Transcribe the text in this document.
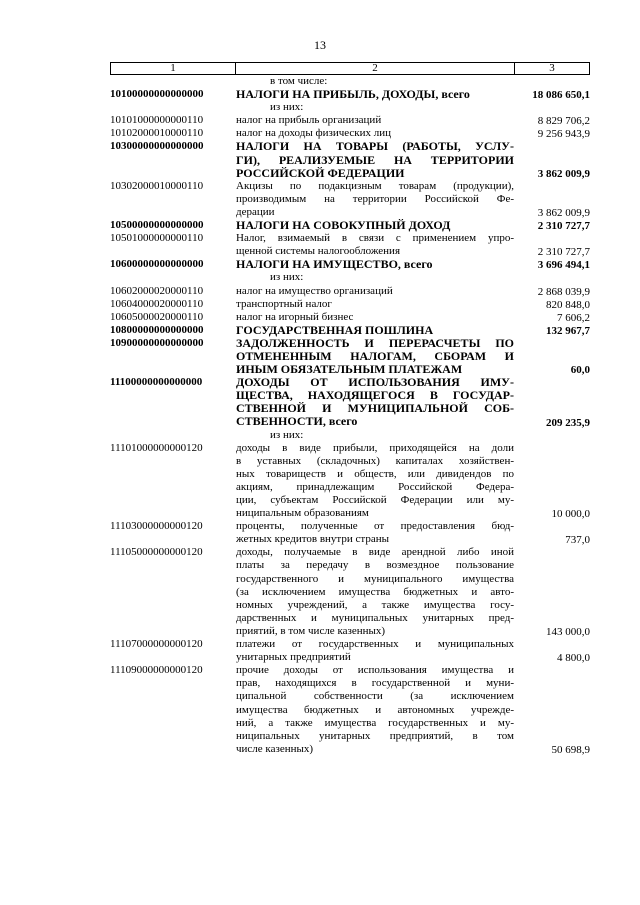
13
1	2	3
в том числе:
10100000000000000	НАЛОГИ НА ПРИБЫЛЬ, ДОХОДЫ, всего	18 086 650,1
из них:
10101000000000110	налог на прибыль организаций	8 829 706,2
10102000010000110	налог на доходы физических лиц	9 256 943,9
10300000000000000	НАЛОГИ НА ТОВАРЫ (РАБОТЫ, УСЛУ-
ГИ), РЕАЛИЗУЕМЫЕ НА ТЕРРИТОРИИ
РОССИЙСКОЙ ФЕДЕРАЦИИ	3 862 009,9
10302000010000110	Акцизы по подакцизным товарам (продукции),
производимым на территории Российской Фе-
дерации	3 862 009,9
10500000000000000	НАЛОГИ НА СОВОКУПНЫЙ ДОХОД	2 310 727,7
10501000000000110	Налог, взимаемый в связи с применением упро-
щенной системы налогообложения	2 310 727,7
10600000000000000	НАЛОГИ НА ИМУЩЕСТВО, всего	3 696 494,1
из них:
10602000020000110	налог на имущество организаций	2 868 039,9
10604000020000110	транспортный налог	820 848,0
10605000020000110	налог на игорный бизнес	7 606,2
10800000000000000	ГОСУДАРСТВЕННАЯ ПОШЛИНА	132 967,7
10900000000000000	ЗАДОЛЖЕННОСТЬ И ПЕРЕРАСЧЕТЫ ПО
ОТМЕНЕННЫМ НАЛОГАМ, СБОРАМ И
ИНЫМ ОБЯЗАТЕЛЬНЫМ ПЛАТЕЖАМ	60,0
11100000000000000	ДОХОДЫ ОТ ИСПОЛЬЗОВАНИЯ ИМУ-
ЩЕСТВА, НАХОДЯЩЕГОСЯ В ГОСУДАР-
СТВЕННОЙ И МУНИЦИПАЛЬНОЙ СОБ-
СТВЕННОСТИ, всего	209 235,9
из них:
11101000000000120	доходы в виде прибыли, приходящейся на доли
в уставных (складочных) капиталах хозяйствен-
ных товариществ и обществ, или дивидендов по
акциям, принадлежащим Российской Федера-
ции, субъектам Российской Федерации или му-
ниципальным образованиям	10 000,0
11103000000000120	проценты, полученные от предоставления бюд-
жетных кредитов внутри страны	737,0
11105000000000120	доходы, получаемые в виде арендной либо иной
платы за передачу в возмездное пользование
государственного и муниципального имущества
(за исключением имущества бюджетных и авто-
номных учреждений, а также имущества госу-
дарственных и муниципальных унитарных пред-
приятий, в том числе казенных)	143 000,0
11107000000000120	платежи от государственных и муниципальных
унитарных предприятий	4 800,0
11109000000000120	прочие доходы от использования имущества и
прав, находящихся в государственной и муни-
ципальной собственности (за исключением
имущества бюджетных и автономных учрежде-
ний, а также имущества государственных и му-
ниципальных унитарных предприятий, в том
числе казенных)	50 698,9
